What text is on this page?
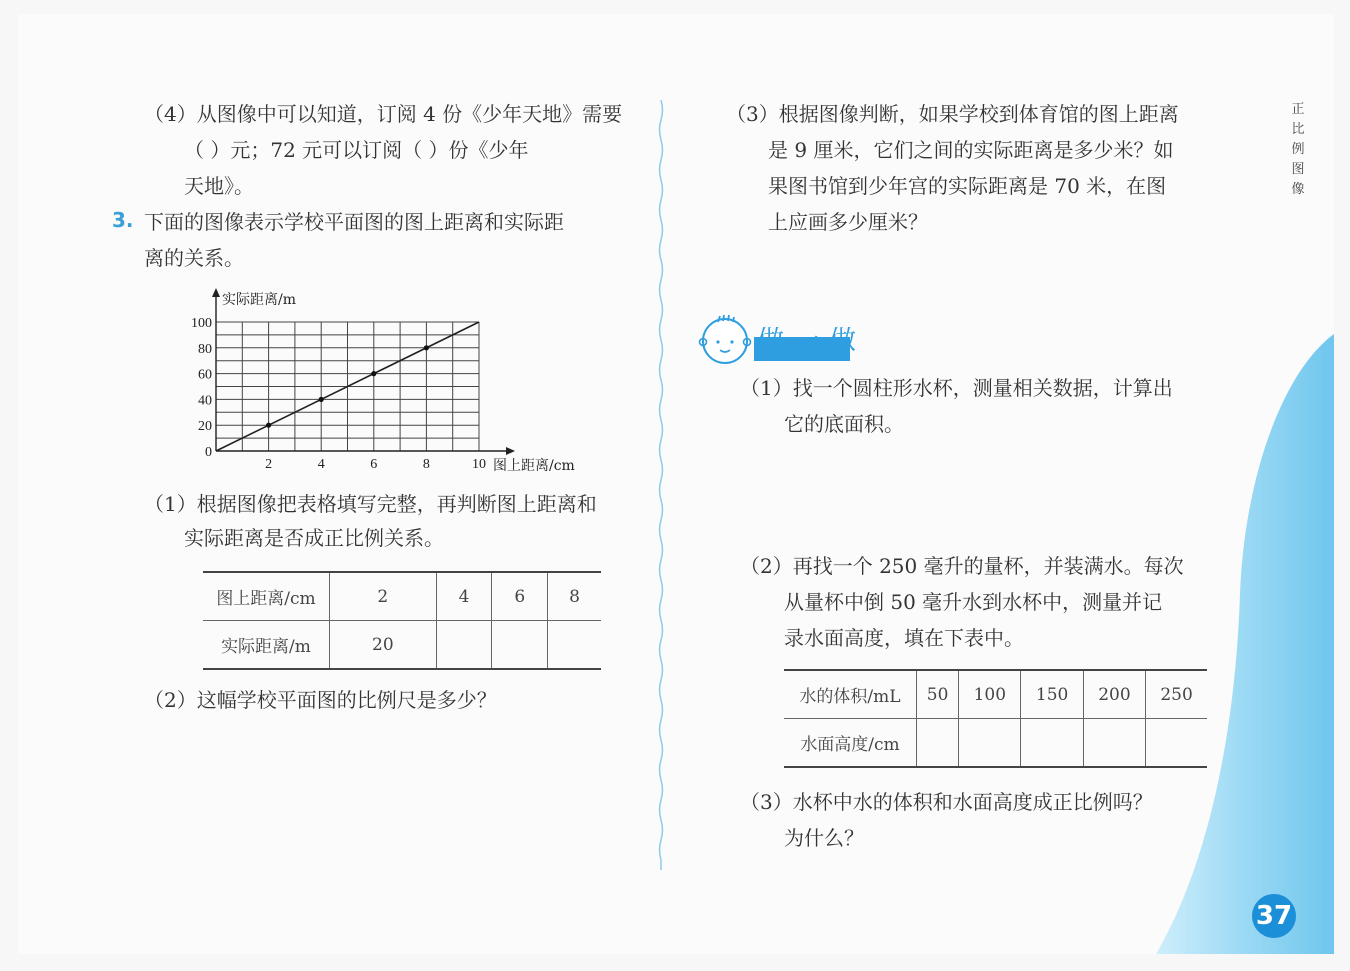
（4）从图像中可以知道，订阅 4 份《少年天地》需要
（ ）元；72 元可以订阅（ ）份《少年
天地》。
3. 下面的图像表示学校平面图的图上距离和实际距
离的关系。
2	4	6	8	10
0
20
40
60
80
100
图上距离/cm
实际距离/m
（1）根据图像把表格填写完整，再判断图上距离和
实际距离是否成正比例关系。
图上距离/cm	2	4	6	8
实际距离/m	20			
（2）这幅学校平面图的比例尺是多少？
（3）根据图像判断，如果学校到体育馆的图上距离
是 9 厘米，它们之间的实际距离是多少米？如
果图书馆到少年宫的实际距离是 70 米，在图
上应画多少厘米？
做一做
（1）找一个圆柱形水杯，测量相关数据，计算出
它的底面积。
（2）再找一个 250 毫升的量杯，并装满水。每次
从量杯中倒 50 毫升水到水杯中，测量并记
录水面高度，填在下表中。
水的体积/mL	50	100	150	200	250
水面高度/cm					
（3）水杯中水的体积和水面高度成正比例吗？
为什么？
正
比
例
图
像
37
